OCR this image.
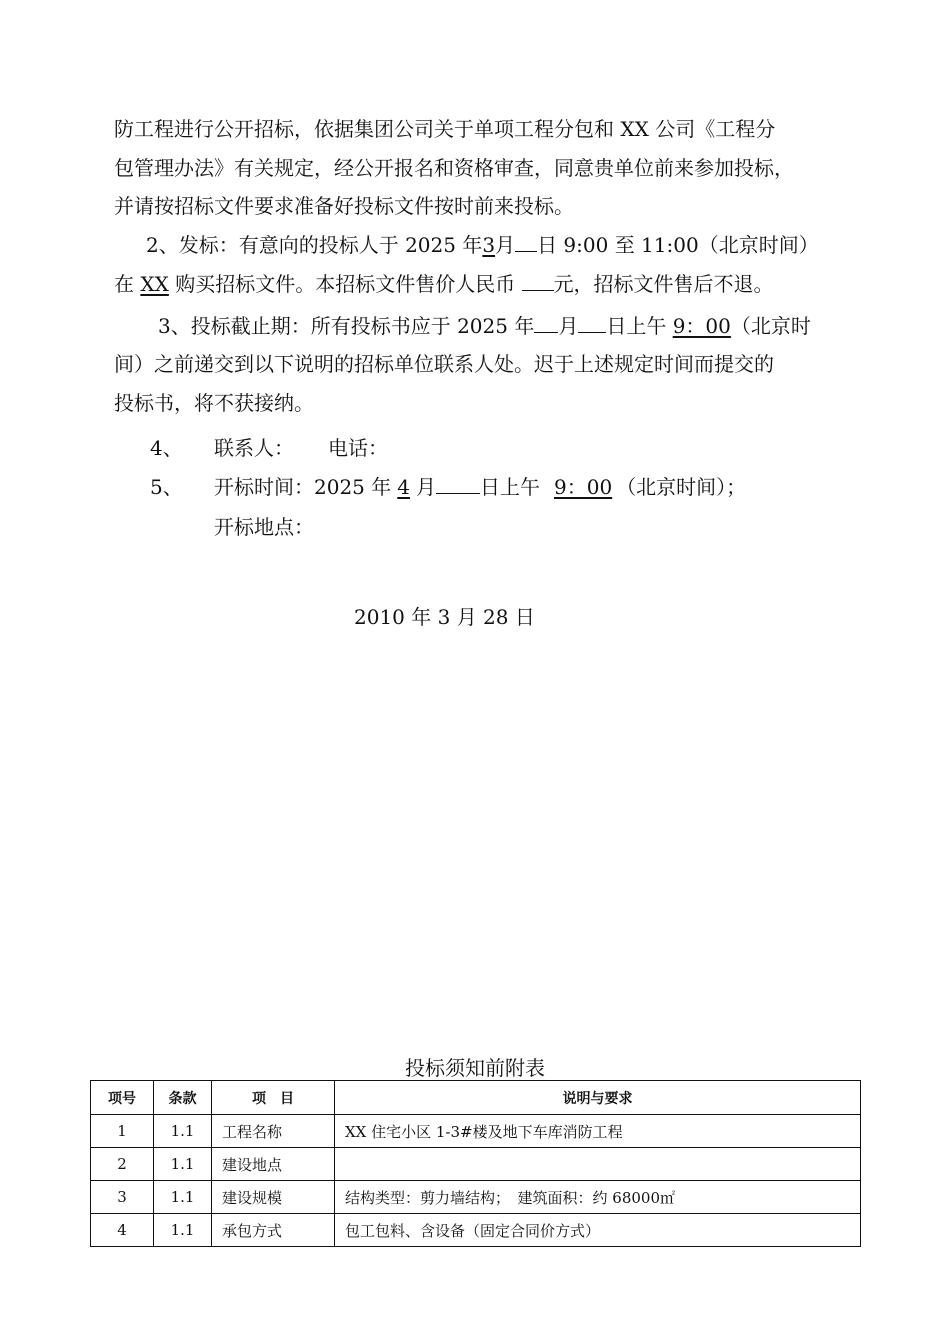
防工程进行公开招标，依据集团公司关于单项工程分包和 XX 公司《工程分
包管理办法》有关规定，经公开报名和资格审查，同意贵单位前来参加投标，
并请按招标文件要求准备好投标文件按时前来投标。
2、发标：有意向的投标人于 2025 年3月 日 9:00 至 11:00（北京时间）
在 XX 购买招标文件。本招标文件售价人民币 元，招标文件售后不退。
3、投标截止期：所有投标书应于 2025 年 月 日上午 9：00（北京时
间）之前递交到以下说明的招标单位联系人处。迟于上述规定时间而提交的
投标书，将不获接纳。
4、 联系人： 电话：
5、 开标时间：2025 年 4 月 日上午 9：00 （北京时间）；
开标地点：
2010 年 3 月 28 日
投标须知前附表
项号	条款	项　目	说明与要求
1	1.1	工程名称	XX 住宅小区 1-3#楼及地下车库消防工程
2	1.1	建设地点	
3	1.1	建设规模	结构类型：剪力墙结构；　建筑面积：约 68000㎡
4	1.1	承包方式	包工包料、含设备（固定合同价方式）
